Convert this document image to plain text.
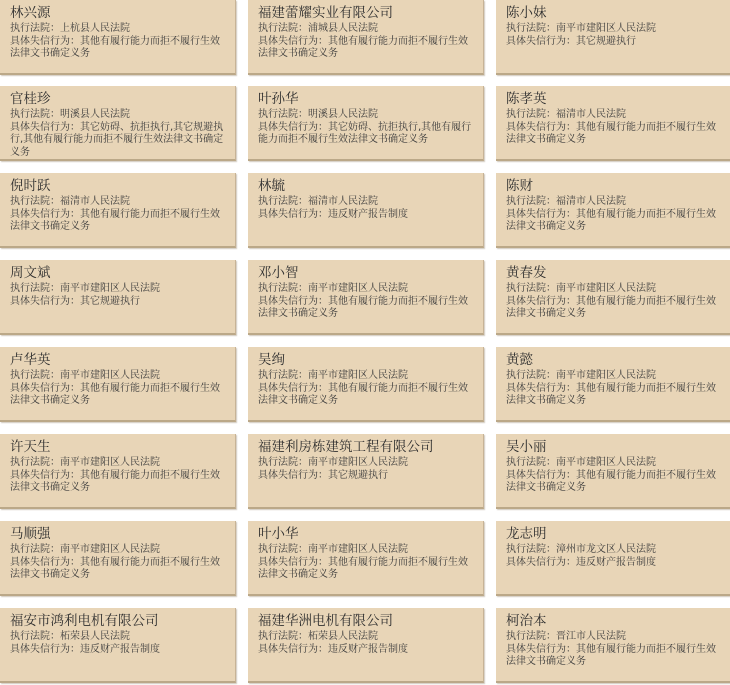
林兴源
执行法院：上杭县人民法院
具体失信行为：其他有履行能力而拒不履行生效法律文书确定义务
福建蕾耀实业有限公司
执行法院：浦城县人民法院
具体失信行为：其他有履行能力而拒不履行生效法律文书确定义务
陈小妹
执行法院：南平市建阳区人民法院
具体失信行为：其它规避执行
官桂珍
执行法院：明溪县人民法院
具体失信行为：其它妨碍、抗拒执行,其它规避执行,其他有履行能力而拒不履行生效法律文书确定义务
叶孙华
执行法院：明溪县人民法院
具体失信行为：其它妨碍、抗拒执行,其他有履行能力而拒不履行生效法律文书确定义务
陈孝英
执行法院：福清市人民法院
具体失信行为：其他有履行能力而拒不履行生效法律文书确定义务
倪时跃
执行法院：福清市人民法院
具体失信行为：其他有履行能力而拒不履行生效法律文书确定义务
林毓
执行法院：福清市人民法院
具体失信行为：违反财产报告制度
陈财
执行法院：福清市人民法院
具体失信行为：其他有履行能力而拒不履行生效法律文书确定义务
周文斌
执行法院：南平市建阳区人民法院
具体失信行为：其它规避执行
邓小智
执行法院：南平市建阳区人民法院
具体失信行为：其他有履行能力而拒不履行生效法律文书确定义务
黄春发
执行法院：南平市建阳区人民法院
具体失信行为：其他有履行能力而拒不履行生效法律文书确定义务
卢华英
执行法院：南平市建阳区人民法院
具体失信行为：其他有履行能力而拒不履行生效法律文书确定义务
吴绚
执行法院：南平市建阳区人民法院
具体失信行为：其他有履行能力而拒不履行生效法律文书确定义务
黄懿
执行法院：南平市建阳区人民法院
具体失信行为：其他有履行能力而拒不履行生效法律文书确定义务
许天生
执行法院：南平市建阳区人民法院
具体失信行为：其他有履行能力而拒不履行生效法律文书确定义务
福建利房栋建筑工程有限公司
执行法院：南平市建阳区人民法院
具体失信行为：其它规避执行
吴小丽
执行法院：南平市建阳区人民法院
具体失信行为：其他有履行能力而拒不履行生效法律文书确定义务
马顺强
执行法院：南平市建阳区人民法院
具体失信行为：其他有履行能力而拒不履行生效法律文书确定义务
叶小华
执行法院：南平市建阳区人民法院
具体失信行为：其他有履行能力而拒不履行生效法律文书确定义务
龙志明
执行法院：漳州市龙文区人民法院
具体失信行为：违反财产报告制度
福安市鸿利电机有限公司
执行法院：柘荣县人民法院
具体失信行为：违反财产报告制度
福建华洲电机有限公司
执行法院：柘荣县人民法院
具体失信行为：违反财产报告制度
柯治本
执行法院：晋江市人民法院
具体失信行为：其他有履行能力而拒不履行生效法律文书确定义务
